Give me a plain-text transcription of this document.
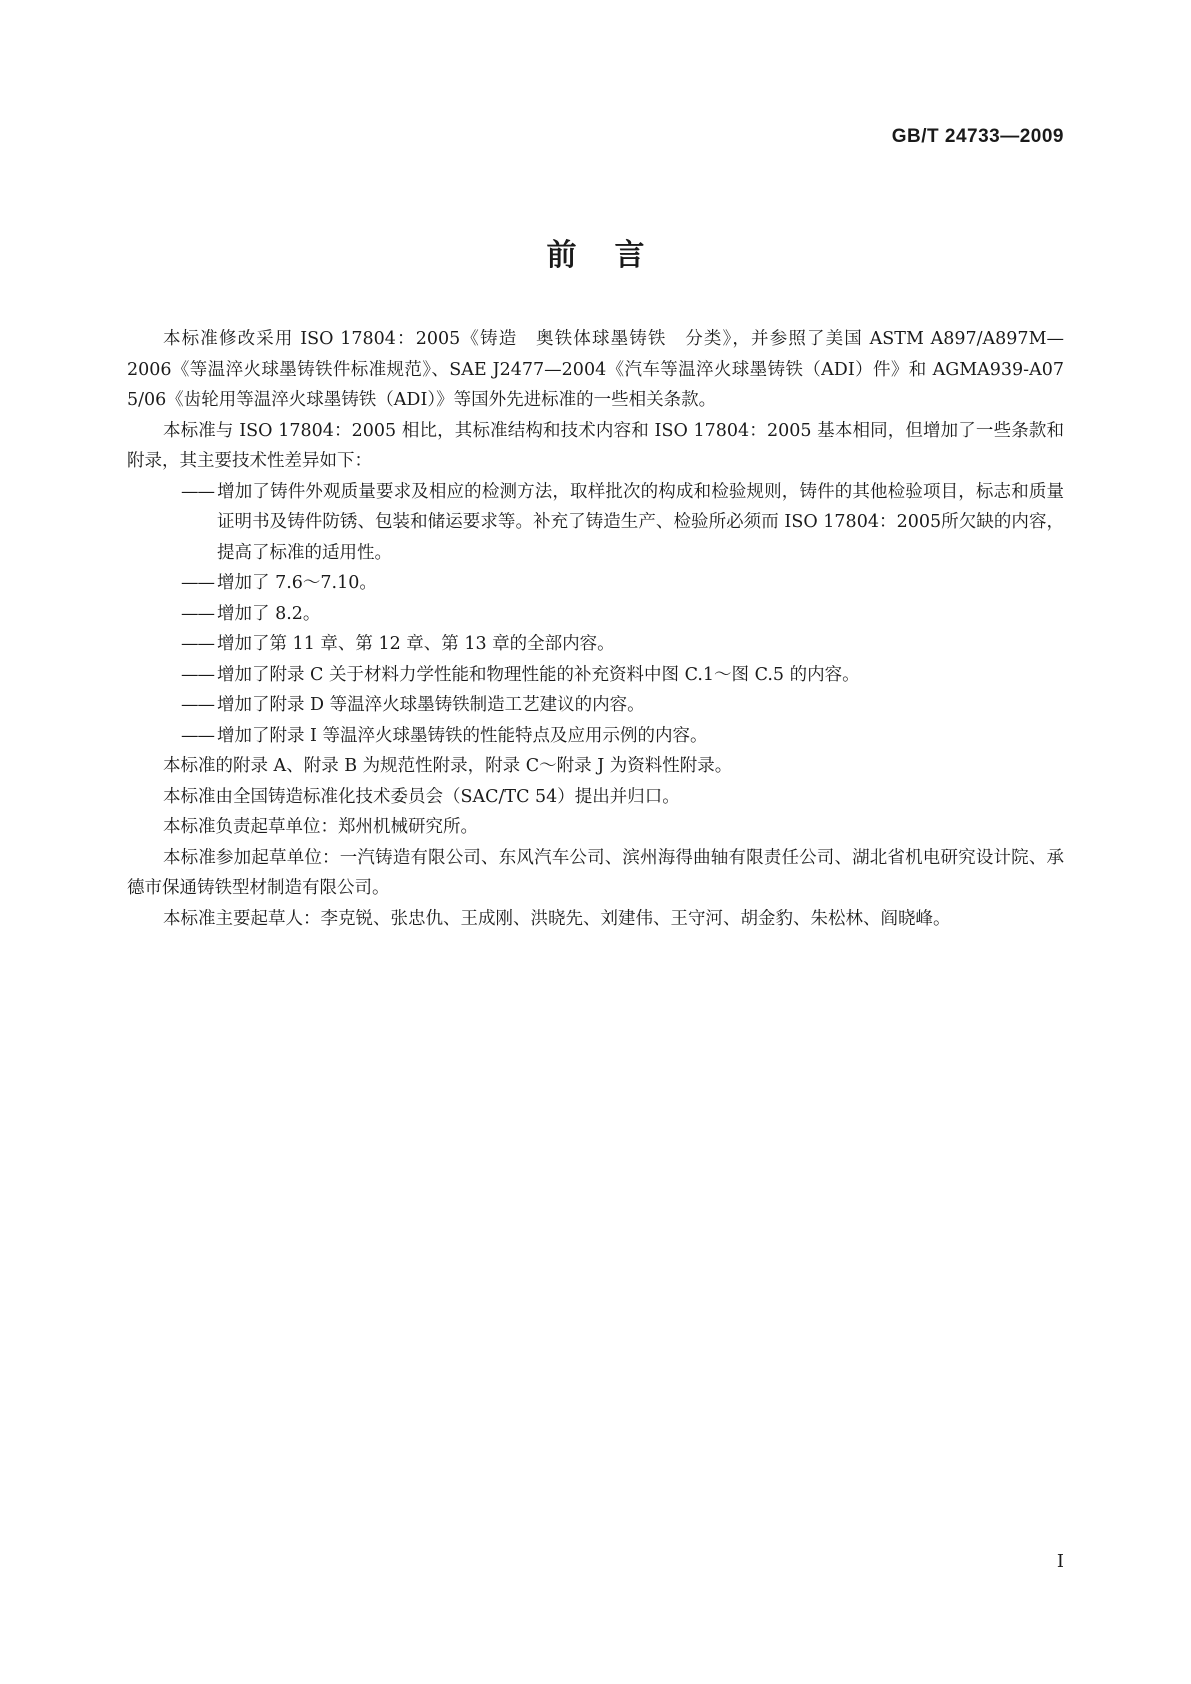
GB/T 24733—2009
前言

本标准修改采用 ISO 17804：2005《铸造　奥铁体球墨铸铁　分类》，并参照了美国 ASTM A897/A897M—2006《等温淬火球墨铸铁件标准规范》、SAE J2477—2004《汽车等温淬火球墨铸铁（ADI）件》和 AGMA939-A07 5/06《齿轮用等温淬火球墨铸铁（ADI）》等国外先进标准的一些相关条款。

本标准与 ISO 17804：2005 相比，其标准结构和技术内容和 ISO 17804：2005 基本相同，但增加了一些条款和附录，其主要技术性差异如下：

—— 增加了铸件外观质量要求及相应的检测方法，取样批次的构成和检验规则，铸件的其他检验项目，标志和质量证明书及铸件防锈、包装和储运要求等。补充了铸造生产、检验所必须而 ISO 17804：2005所欠缺的内容，提高了标准的适用性。

—— 增加了 7.6～7.10。

—— 增加了 8.2。

—— 增加了第 11 章、第 12 章、第 13 章的全部内容。

—— 增加了附录 C 关于材料力学性能和物理性能的补充资料中图 C.1～图 C.5 的内容。

—— 增加了附录 D 等温淬火球墨铸铁制造工艺建议的内容。

—— 增加了附录 I 等温淬火球墨铸铁的性能特点及应用示例的内容。

本标准的附录 A、附录 B 为规范性附录，附录 C～附录 J 为资料性附录。

本标准由全国铸造标准化技术委员会（SAC/TC 54）提出并归口。

本标准负责起草单位：郑州机械研究所。

本标准参加起草单位：一汽铸造有限公司、东风汽车公司、滨州海得曲轴有限责任公司、湖北省机电研究设计院、承德市保通铸铁型材制造有限公司。

本标准主要起草人：李克锐、张忠仇、王成刚、洪晓先、刘建伟、王守河、胡金豹、朱松林、阎晓峰。

I
